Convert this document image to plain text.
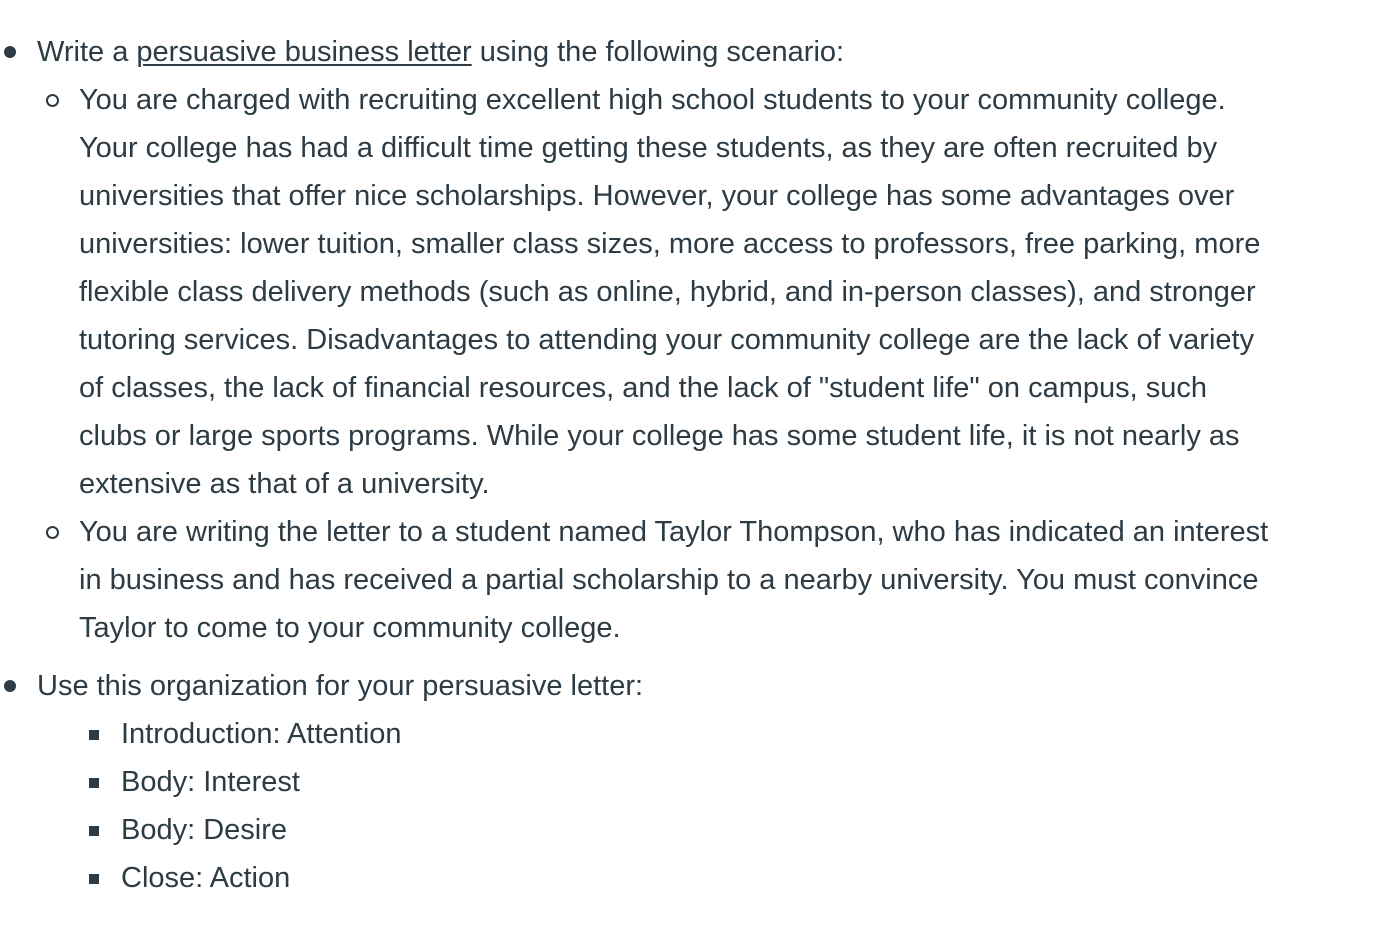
Write a persuasive business letter using the following scenario:
You are charged with recruiting excellent high school students to your community college. Your college has had a difficult time getting these students, as they are often recruited by universities that offer nice scholarships. However, your college has some advantages over universities: lower tuition, smaller class sizes, more access to professors, free parking, more flexible class delivery methods (such as online, hybrid, and in-person classes), and stronger tutoring services. Disadvantages to attending your community college are the lack of variety of classes, the lack of financial resources, and the lack of "student life" on campus, such clubs or large sports programs. While your college has some student life, it is not nearly as extensive as that of a university.
You are writing the letter to a student named Taylor Thompson, who has indicated an interest in business and has received a partial scholarship to a nearby university. You must convince Taylor to come to your community college.
Use this organization for your persuasive letter:
Introduction: Attention
Body: Interest
Body: Desire
Close: Action
